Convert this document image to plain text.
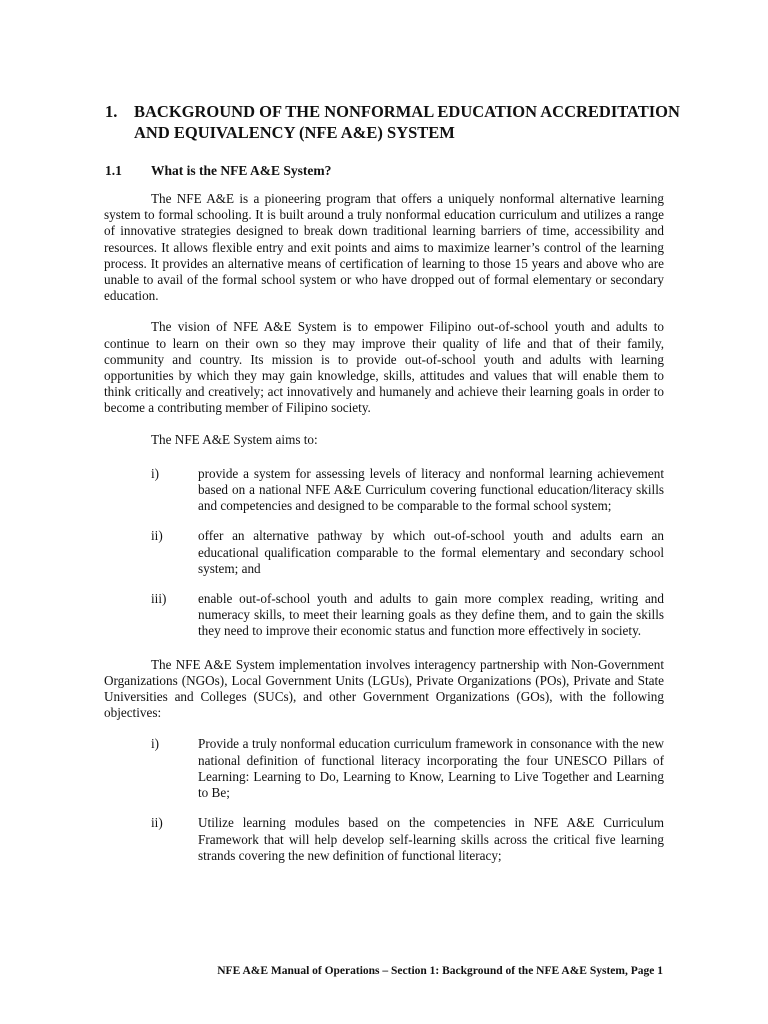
1. BACKGROUND OF THE NONFORMAL EDUCATION ACCREDITATION AND EQUIVALENCY (NFE A&E) SYSTEM
1.1 What is the NFE A&E System?

The NFE A&E is a pioneering program that offers a uniquely nonformal alternative learning system to formal schooling. It is built around a truly nonformal education curriculum and utilizes a range of innovative strategies designed to break down traditional learning barriers of time, accessibility and resources. It allows flexible entry and exit points and aims to maximize learner’s control of the learning process. It provides an alternative means of certification of learning to those 15 years and above who are unable to avail of the formal school system or who have dropped out of formal elementary or secondary education.

The vision of NFE A&E System is to empower Filipino out-of-school youth and adults to continue to learn on their own so they may improve their quality of life and that of their family, community and country. Its mission is to provide out-of-school youth and adults with learning opportunities by which they may gain knowledge, skills, attitudes and values that will enable them to think critically and creatively; act innovatively and humanely and achieve their learning goals in order to become a contributing member of Filipino society.

The NFE A&E System aims to:

i)	provide a system for assessing levels of literacy and nonformal learning achievement based on a national NFE A&E Curriculum covering functional education/literacy skills and competencies and designed to be comparable to the formal school system;
ii)	offer an alternative pathway by which out-of-school youth and adults earn an educational qualification comparable to the formal elementary and secondary school system; and
iii) enable out-of-school youth and adults to gain more complex reading, writing and numeracy skills, to meet their learning goals as they define them, and to gain the skills they need to improve their economic status and function more effectively in society.

The NFE A&E System implementation involves interagency partnership with Non-Government Organizations (NGOs), Local Government Units (LGUs), Private Organizations (POs), Private and State Universities and Colleges (SUCs), and other Government Organizations (GOs), with the following objectives:

i)	Provide a truly nonformal education curriculum framework in consonance with the new national definition of functional literacy incorporating the four UNESCO Pillars of Learning: Learning to Do, Learning to Know, Learning to Live Together and Learning to Be;
ii)	Utilize learning modules based on the competencies in NFE A&E Curriculum Framework that will help develop self-learning skills across the critical five learning strands covering the new definition of functional literacy;
NFE A&E Manual of Operations – Section 1: Background of the NFE A&E System, Page 1
